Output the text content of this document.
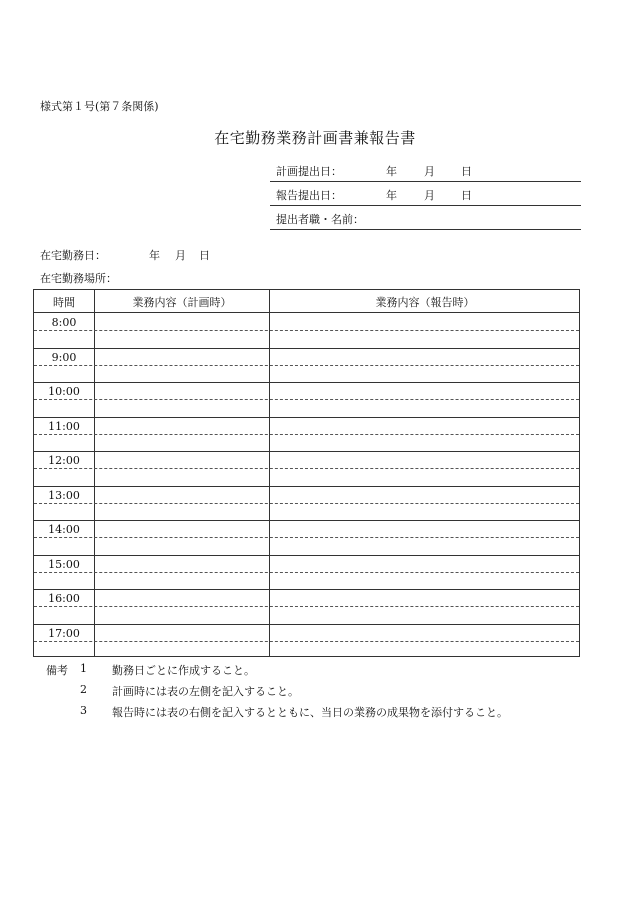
様式第１号(第７条関係)
在宅勤務業務計画書兼報告書
計画提出日：	年 月 日
報告提出日：	年 月 日
提出者職・名前：
在宅勤務日：	年 月 日
在宅勤務場所：
時間	業務内容（計画時）	業務内容（報告時）
8:00
9:00
10:00
11:00
12:00
13:00
14:00
15:00
16:00
17:00
備考 1 勤務日ごとに作成すること。
2 計画時には表の左側を記入すること。
3 報告時には表の右側を記入するとともに、当日の業務の成果物を添付すること。
